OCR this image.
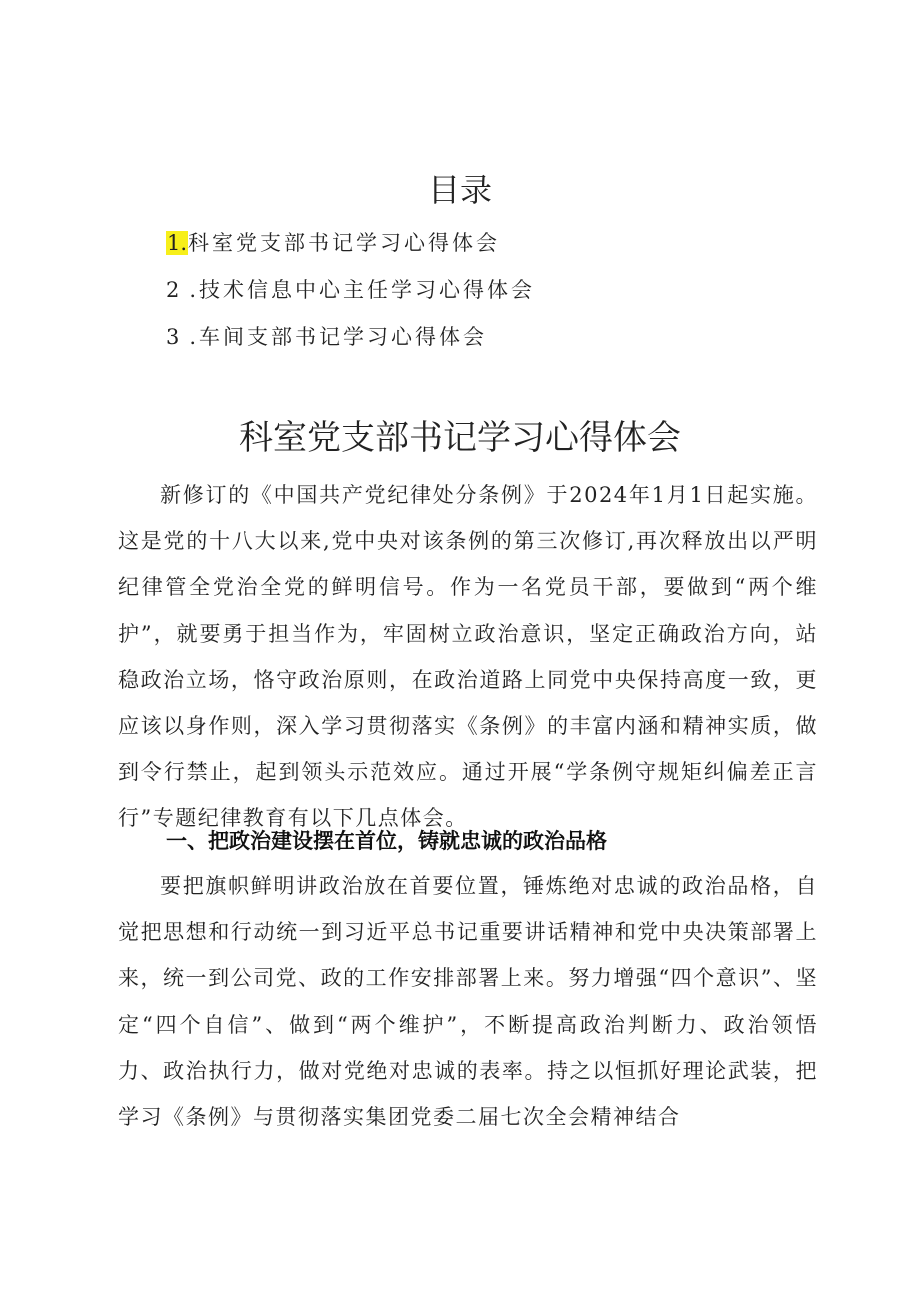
目录
1.科室党支部书记学习心得体会
2 .技术信息中心主任学习心得体会
3 .车间支部书记学习心得体会
科室党支部书记学习心得体会

新修订的《中国共产党纪律处分条例》于2024年1月1日起实施。这是党的十八大以来,党中央对该条例的第三次修订,再次释放出以严明纪律管全党治全党的鲜明信号。作为一名党员干部，要做到“两个维护”，就要勇于担当作为，牢固树立政治意识，坚定正确政治方向，站稳政治立场，恪守政治原则，在政治道路上同党中央保持高度一致，更应该以身作则，深入学习贯彻落实《条例》的丰富内涵和精神实质，做到令行禁止，起到领头示范效应。通过开展“学条例守规矩纠偏差正言行”专题纪律教育有以下几点体会。

一、把政治建设摆在首位，铸就忠诚的政治品格

要把旗帜鲜明讲政治放在首要位置，锤炼绝对忠诚的政治品格，自觉把思想和行动统一到习近平总书记重要讲话精神和党中央决策部署上来，统一到公司党、政的工作安排部署上来。努力增强“四个意识”、坚定“四个自信”、做到“两个维护”，不断提高政治判断力、政治领悟力、政治执行力，做对党绝对忠诚的表率。持之以恒抓好理论武装，把学习《条例》与贯彻落实集团党委二届七次全会精神结合
